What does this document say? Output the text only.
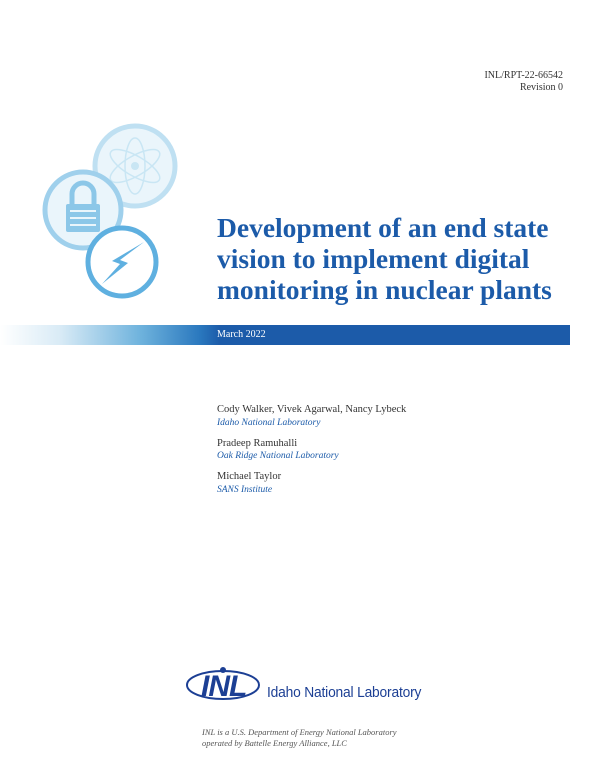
INL/RPT-22-66542
Revision 0
Development of an end state vision to implement digital monitoring in nuclear plants
March 2022
Cody Walker, Vivek Agarwal, Nancy Lybeck
Idaho National Laboratory
Pradeep Ramuhalli
Oak Ridge National Laboratory
Michael Taylor
SANS Institute
INL Idaho National Laboratory
INL is a U.S. Department of Energy National Laboratory
operated by Battelle Energy Alliance, LLC
